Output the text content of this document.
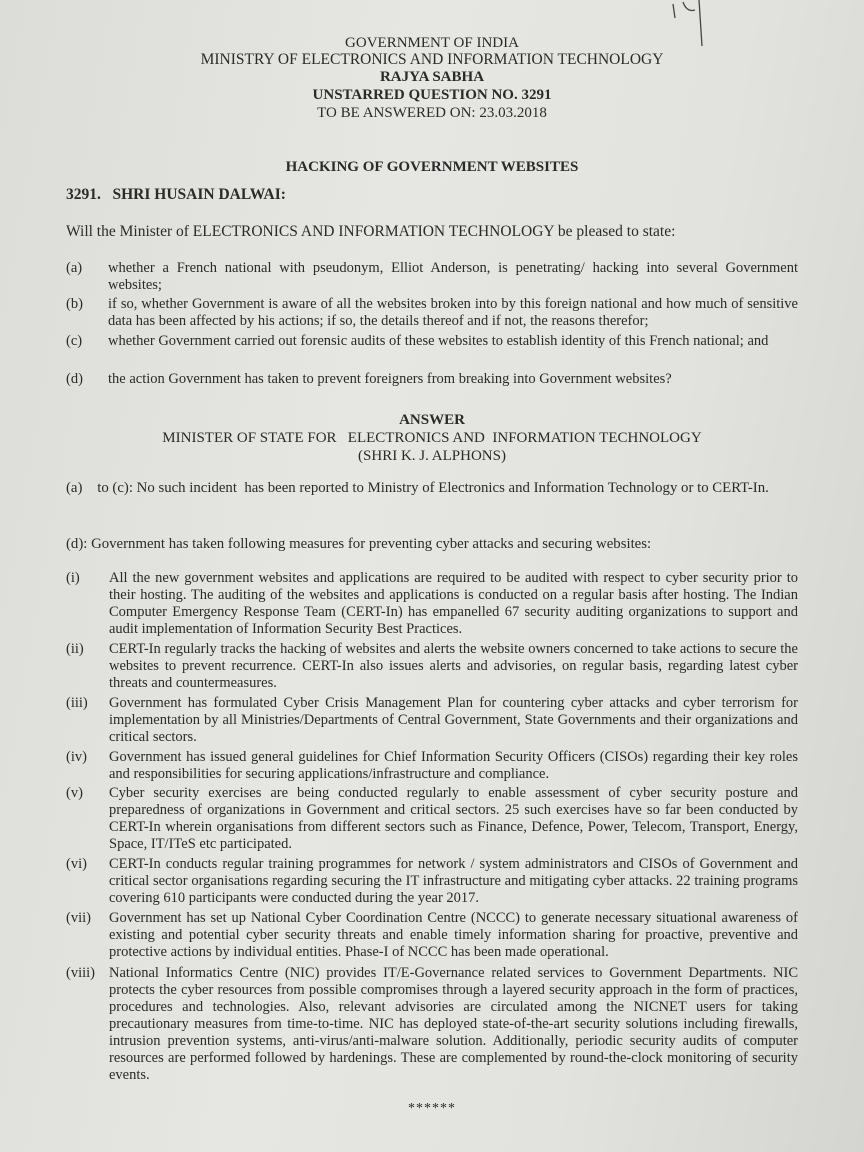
GOVERNMENT OF INDIA
MINISTRY OF ELECTRONICS AND INFORMATION TECHNOLOGY
RAJYA SABHA
UNSTARRED QUESTION NO. 3291
TO BE ANSWERED ON: 23.03.2018
HACKING OF GOVERNMENT WEBSITES
3291.   SHRI HUSAIN DALWAI:
Will the Minister of ELECTRONICS AND INFORMATION TECHNOLOGY be pleased to state:
(a) whether a French national with pseudonym, Elliot Anderson, is penetrating/ hacking into several Government websites;
(b) if so, whether Government is aware of all the websites broken into by this foreign national and how much of sensitive data has been affected by his actions; if so, the details thereof and if not, the reasons therefor;
(c) whether Government carried out forensic audits of these websites to establish identity of this French national; and
(d) the action Government has taken to prevent foreigners from breaking into Government websites?
ANSWER
MINISTER OF STATE FOR   ELECTRONICS AND  INFORMATION TECHNOLOGY
(SHRI K. J. ALPHONS)
(a)    to (c): No such incident  has been reported to Ministry of Electronics and Information Technology or to CERT-In.
(d): Government has taken following measures for preventing cyber attacks and securing websites:
(i) All the new government websites and applications are required to be audited with respect to cyber security prior to their hosting. The auditing of the websites and applications is conducted on a regular basis after hosting. The Indian Computer Emergency Response Team (CERT-In) has empanelled 67 security auditing organizations to support and audit implementation of Information Security Best Practices.
(ii) CERT-In regularly tracks the hacking of websites and alerts the website owners concerned to take actions to secure the websites to prevent recurrence. CERT-In also issues alerts and advisories, on regular basis, regarding latest cyber threats and countermeasures.
(iii) Government has formulated Cyber Crisis Management Plan for countering cyber attacks and cyber terrorism for implementation by all Ministries/Departments of Central Government, State Governments and their organizations and critical sectors.
(iv) Government has issued general guidelines for Chief Information Security Officers (CISOs) regarding their key roles and responsibilities for securing applications/infrastructure and compliance.
(v) Cyber security exercises are being conducted regularly to enable assessment of cyber security posture and preparedness of organizations in Government and critical sectors. 25 such exercises have so far been conducted by CERT-In wherein organisations from different sectors such as Finance, Defence, Power, Telecom, Transport, Energy, Space, IT/ITeS etc participated.
(vi) CERT-In conducts regular training programmes for network / system administrators and CISOs of Government and critical sector organisations regarding securing the IT infrastructure and mitigating cyber attacks. 22 training programs covering 610 participants were conducted during the year 2017.
(vii) Government has set up National Cyber Coordination Centre (NCCC) to generate necessary situational awareness of existing and potential cyber security threats and enable timely information sharing for proactive, preventive and protective actions by individual entities. Phase-I of NCCC has been made operational.
(viii) National Informatics Centre (NIC) provides IT/E-Governance related services to Government Departments. NIC protects the cyber resources from possible compromises through a layered security approach in the form of practices, procedures and technologies. Also, relevant advisories are circulated among the NICNET users for taking precautionary measures from time-to-time. NIC has deployed state-of-the-art security solutions including firewalls, intrusion prevention systems, anti-virus/anti-malware solution. Additionally, periodic security audits of computer resources are performed followed by hardenings. These are complemented by round-the-clock monitoring of security events.
******
